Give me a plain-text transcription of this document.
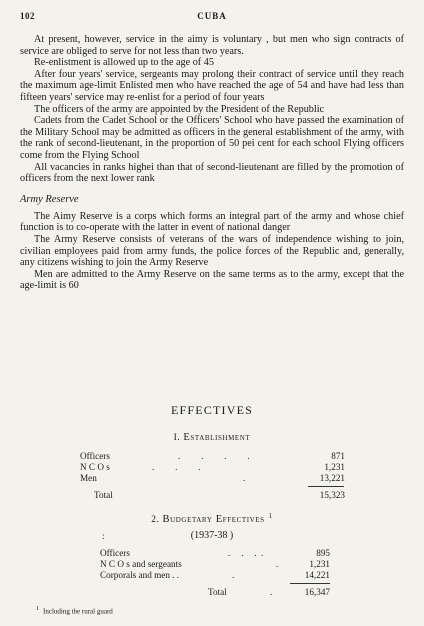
102	CUBA

At present, however, service in the aimy is voluntary , but men who sign contracts of service are obliged to serve for not less than two years.

Re-enlistment is allowed up to the age of 45

After four years' service, sergeants may prolong their contract of service until they reach the maximum age-limit Enlisted men who have reached the age of 54 and have had less than fifteen years' service may re-enlist for a period of four years

The officers of the army are appointed by the President of the Republic

Cadets from the Cadet School or the Officers' School who have passed the examination of the Military School may be admitted as officers in the general establishment of the army, with the rank of second-lieutenant, in the proportion of 50 pei cent for each school Flying officers come from the Flying School

All vacancies in ranks highei than that of second-lieutenant are filled by the promotion of officers from the next lower rank

Army Reserve

The Aimy Reserve is a corps which forms an integral part of the army and whose chief function is to co-operate with the latter in event of national danger

The Army Reserve consists of veterans of the wars of independence wishing to join, civilian employees paid from army funds, the police forces of the Republic and, generally, any citizens wishing to join the Army Reserve

Men are admitted to the Army Reserve on the same terms as to the army, except that the age-limit is 60

EFFECTIVES
I. Establishment
Officers	.      .      .      .	871
N C O s	.      .      .	1,231
Men	.	13,221
Total	15,323
2. Budgetary Effectives $^1$
:	(1937-38 )
Officers	.   .   . .	895
N C O s and sergeants	.	1,231
Corporals and men . .	.	14,221
Total	.	16,347
1 Including the rural guard
